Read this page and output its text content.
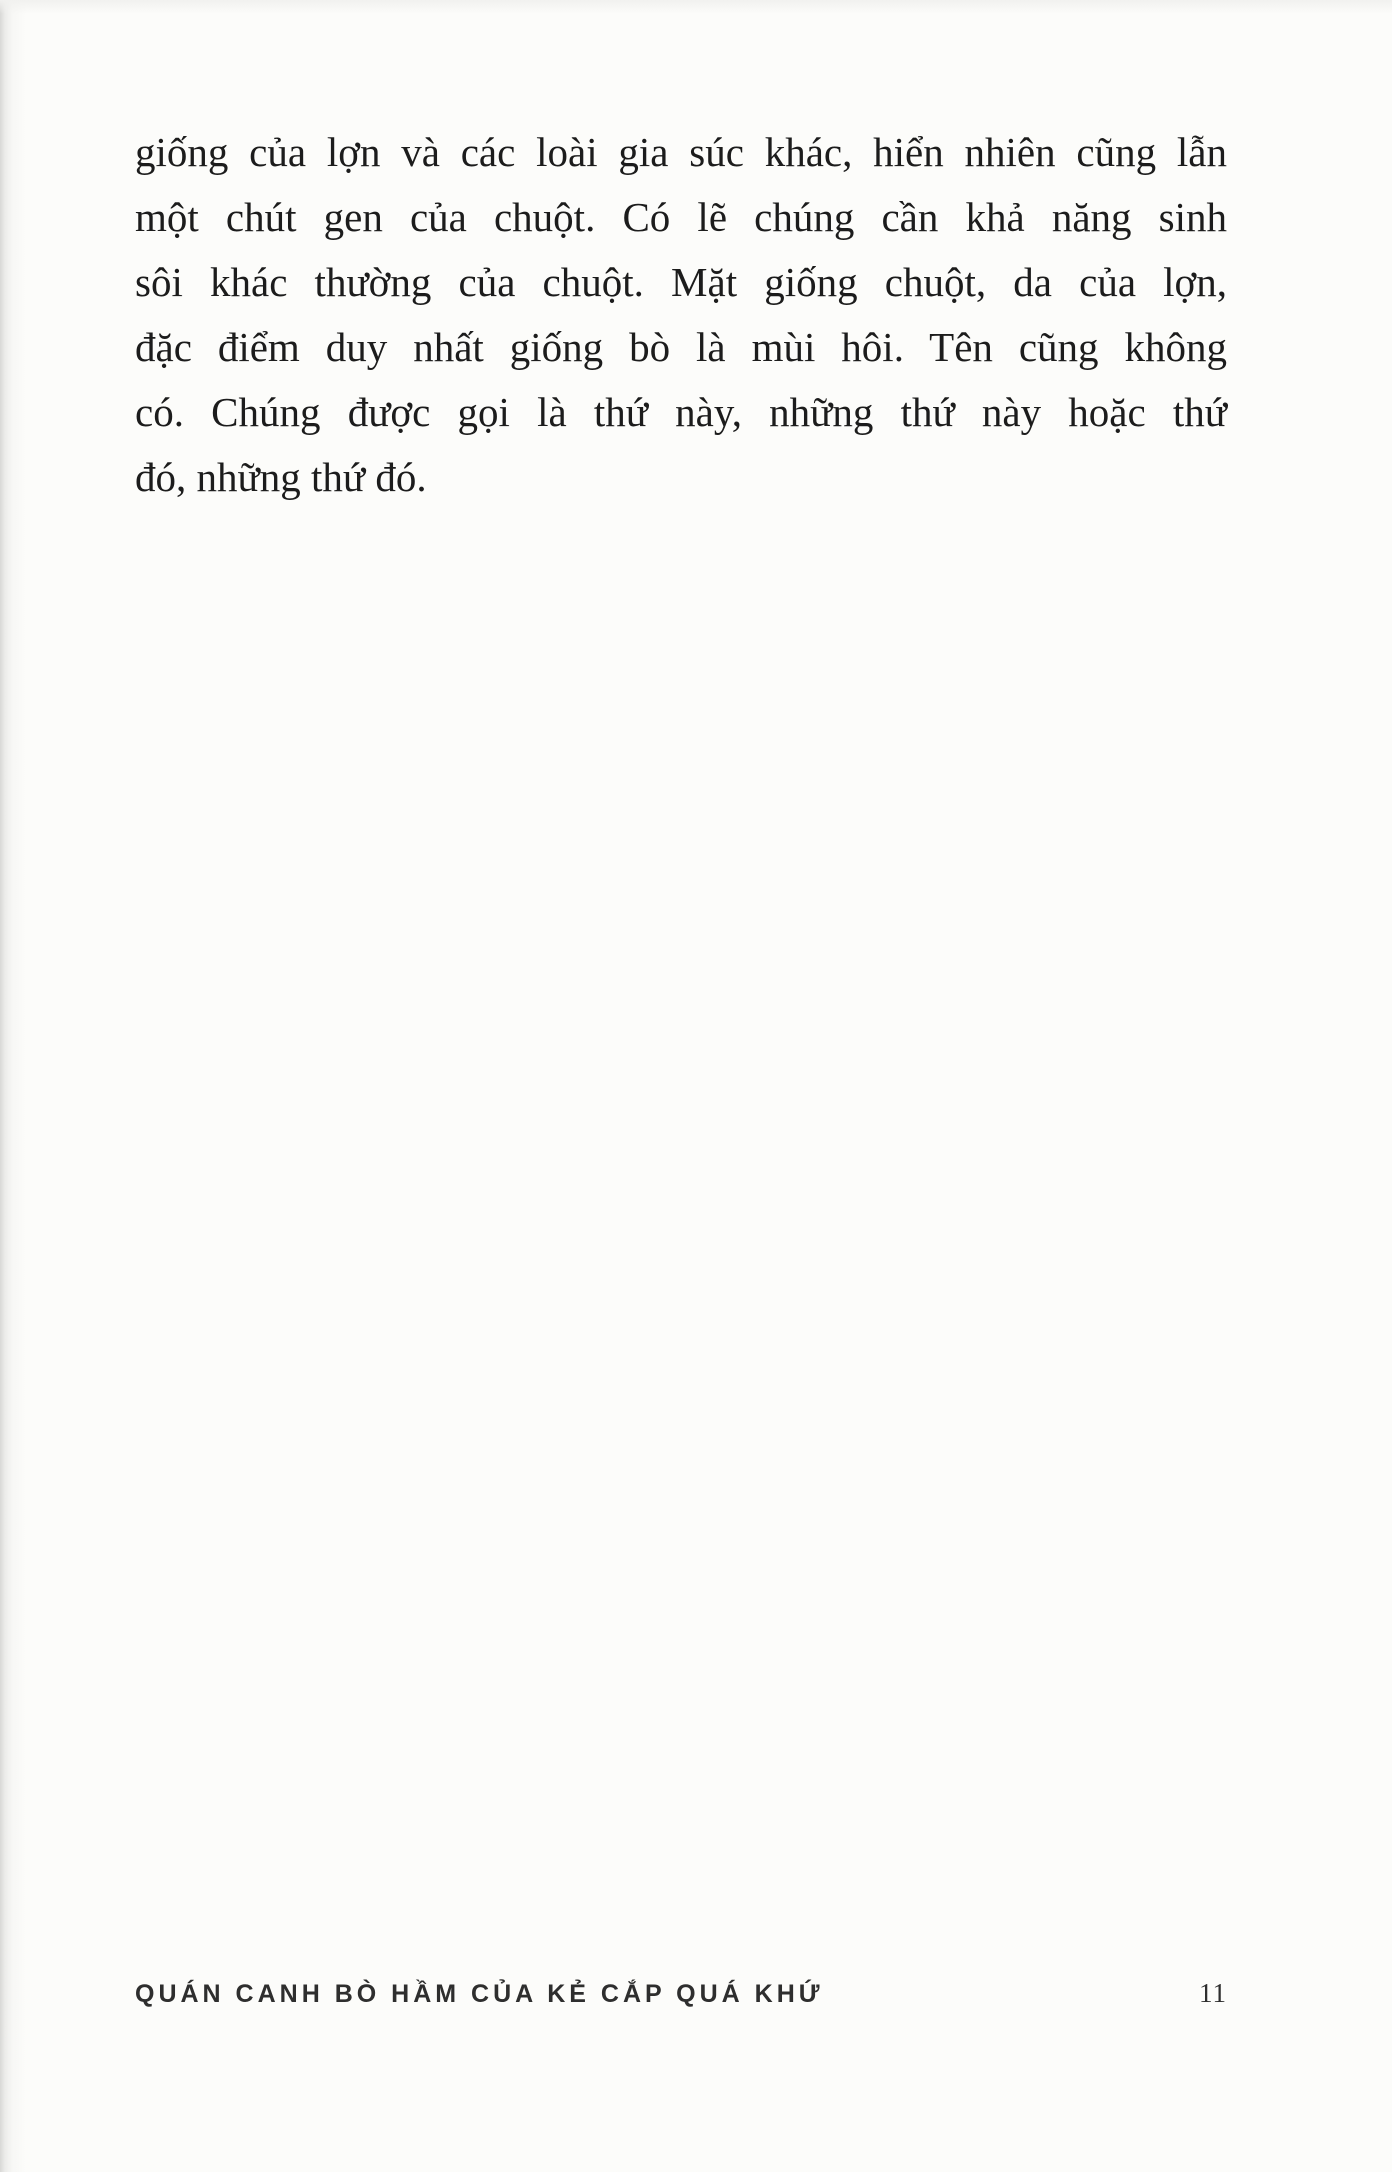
giống của lợn và các loài gia súc khác, hiển nhiên cũng lẫn
một chút gen của chuột. Có lẽ chúng cần khả năng sinh
sôi khác thường của chuột. Mặt giống chuột, da của lợn,
đặc điểm duy nhất giống bò là mùi hôi. Tên cũng không
có. Chúng được gọi là thứ này, những thứ này hoặc thứ
đó, những thứ đó.
QUÁN CANH BÒ HẦM CỦA KẺ CẮP QUÁ KHỨ	11
